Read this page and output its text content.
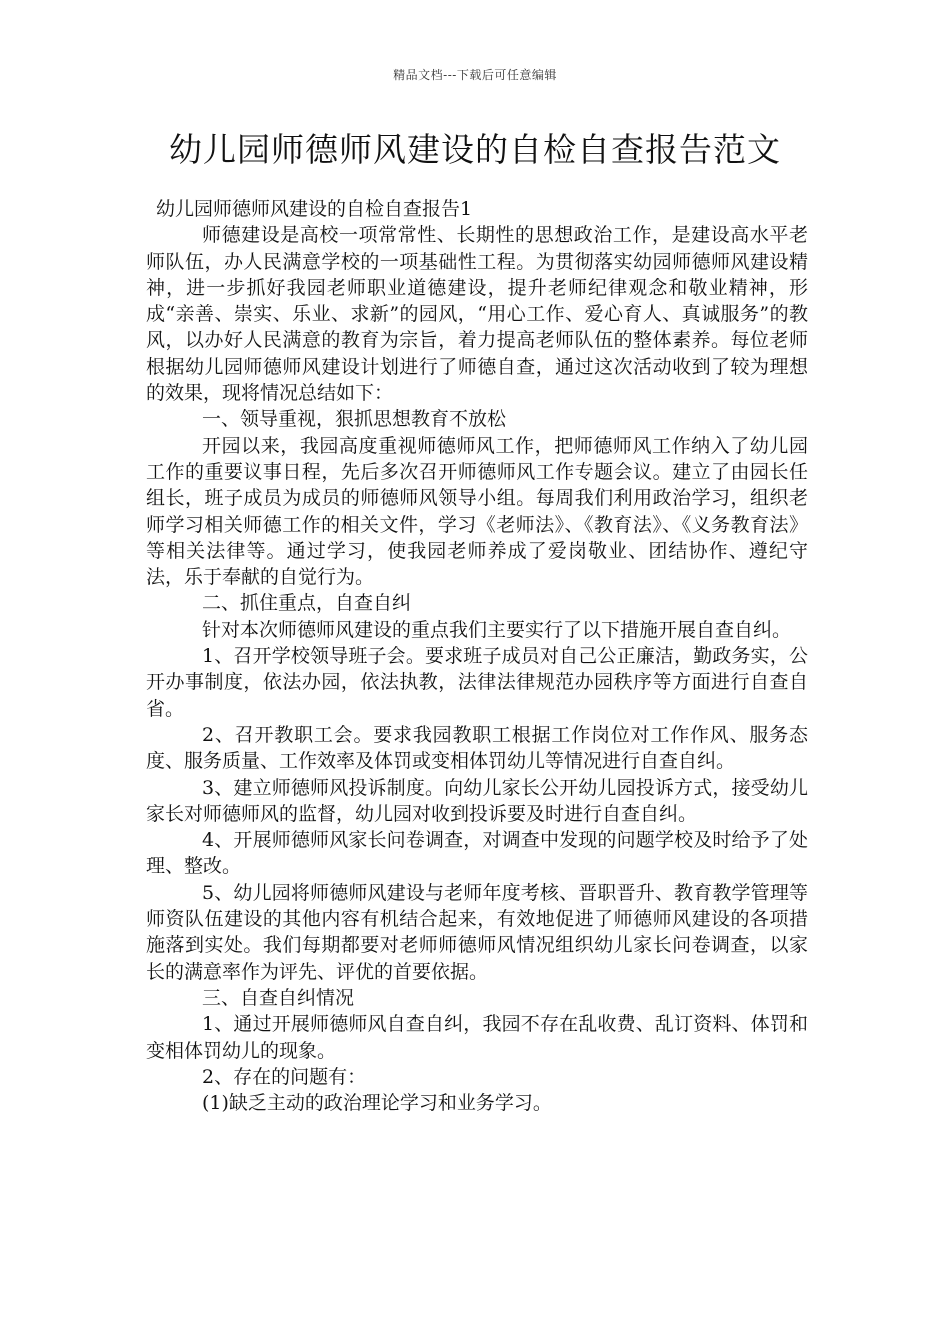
精品文档---下载后可任意编辑
幼儿园师德师风建设的自检自查报告范文

幼儿园师德师风建设的自检自查报告1

师德建设是高校一项常常性、长期性的思想政治工作，是建设高水平老师队伍，办人民满意学校的一项基础性工程。为贯彻落实幼园师德师风建设精神，进一步抓好我园老师职业道德建设，提升老师纪律观念和敬业精神，形成“亲善、崇实、乐业、求新”的园风，“用心工作、爱心育人、真诚服务”的教风，以办好人民满意的教育为宗旨，着力提高老师队伍的整体素养。每位老师根据幼儿园师德师风建设计划进行了师德自查，通过这次活动收到了较为理想的效果，现将情况总结如下：

一、领导重视，狠抓思想教育不放松

开园以来，我园高度重视师德师风工作，把师德师风工作纳入了幼儿园工作的重要议事日程，先后多次召开师德师风工作专题会议。建立了由园长任组长，班子成员为成员的师德师风领导小组。每周我们利用政治学习，组织老师学习相关师德工作的相关文件，学习《老师法》、《教育法》、《义务教育法》等相关法律等。通过学习，使我园老师养成了爱岗敬业、团结协作、遵纪守法，乐于奉献的自觉行为。

二、抓住重点，自查自纠

针对本次师德师风建设的重点我们主要实行了以下措施开展自查自纠。

1、召开学校领导班子会。要求班子成员对自己公正廉洁，勤政务实，公开办事制度，依法办园，依法执教，法律法律规范办园秩序等方面进行自查自省。

2、召开教职工会。要求我园教职工根据工作岗位对工作作风、服务态度、服务质量、工作效率及体罚或变相体罚幼儿等情况进行自查自纠。

3、建立师德师风投诉制度。向幼儿家长公开幼儿园投诉方式，接受幼儿家长对师德师风的监督，幼儿园对收到投诉要及时进行自查自纠。

4、开展师德师风家长问卷调查，对调查中发现的问题学校及时给予了处理、整改。

5、幼儿园将师德师风建设与老师年度考核、晋职晋升、教育教学管理等师资队伍建设的其他内容有机结合起来，有效地促进了师德师风建设的各项措施落到实处。我们每期都要对老师师德师风情况组织幼儿家长问卷调查，以家长的满意率作为评先、评优的首要依据。

三、自查自纠情况

1、通过开展师德师风自查自纠，我园不存在乱收费、乱订资料、体罚和变相体罚幼儿的现象。

2、存在的问题有：

(1)缺乏主动的政治理论学习和业务学习。
